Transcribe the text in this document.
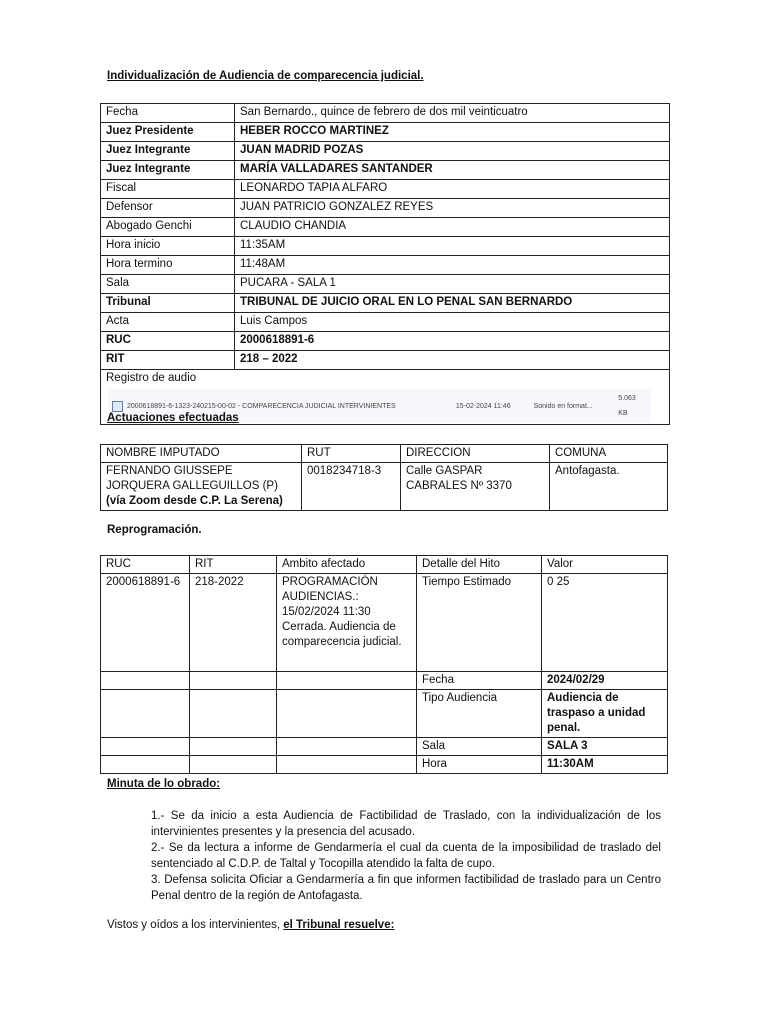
Individualización de Audiencia de comparecencia judicial.
Fecha	San Bernardo., quince de febrero de dos mil veinticuatro
Juez Presidente	HEBER ROCCO MARTINEZ
Juez Integrante	JUAN MADRID POZAS
Juez Integrante	MARÍA VALLADARES SANTANDER
Fiscal	LEONARDO TAPIA ALFARO
Defensor	JUAN PATRICIO GONZALEZ REYES
Abogado Genchi	CLAUDIO CHANDIA
Hora inicio	11:35AM
Hora termino	11:48AM
Sala	PUCARA - SALA 1
Tribunal	TRIBUNAL DE JUICIO ORAL EN LO PENAL SAN BERNARDO
Acta	Luis Campos
RUC	2000618891-6
RIT	218 – 2022

Registro de audio
2000618891-6-1323-240215-00-02 - COMPARECENCIA JUDICIAL INTERVINIENTES 15-02-2024 11:46 Sonido en format...
5.063 KB	
Actuaciones efectuadas
NOMBRE IMPUTADO	RUT	DIRECCION	COMUNA

FERNANDO GIUSSEPE
JORQUERA GALLEGUILLOS (P)
(vía Zoom desde C.P. La Serena)	0018234718-3	Calle GASPAR CABRALES Nº 3370	Antofagasta.
Reprogramación.
RUC	RIT	Ambito afectado	Detalle del Hito	Valor
2000618891-6	218-2022	PROGRAMACIÓN AUDIENCIAS.: 15/02/2024 11:30 Cerrada. Audiencia de comparecencia judicial.	Tiempo Estimado	0 25
			Fecha	2024/02/29
			Tipo Audiencia	Audiencia de traspaso a unidad penal.
			Sala	SALA 3
			Hora	11:30AM
Minuta de lo obrado:

1.- Se da inicio a esta Audiencia de Factibilidad de Traslado, con la individualización de los intervinientes presentes y la presencia del acusado.

2.- Se da lectura a informe de Gendarmería el cual da cuenta de la imposibilidad de traslado del sentenciado al C.D.P. de Taltal y Tocopilla atendido la falta de cupo.

3. Defensa solicita Oficiar a Gendarmería a fin que informen factibilidad de traslado para un Centro Penal dentro de la región de Antofagasta.

Vistos y oídos a los intervinientes, el Tribunal resuelve:
